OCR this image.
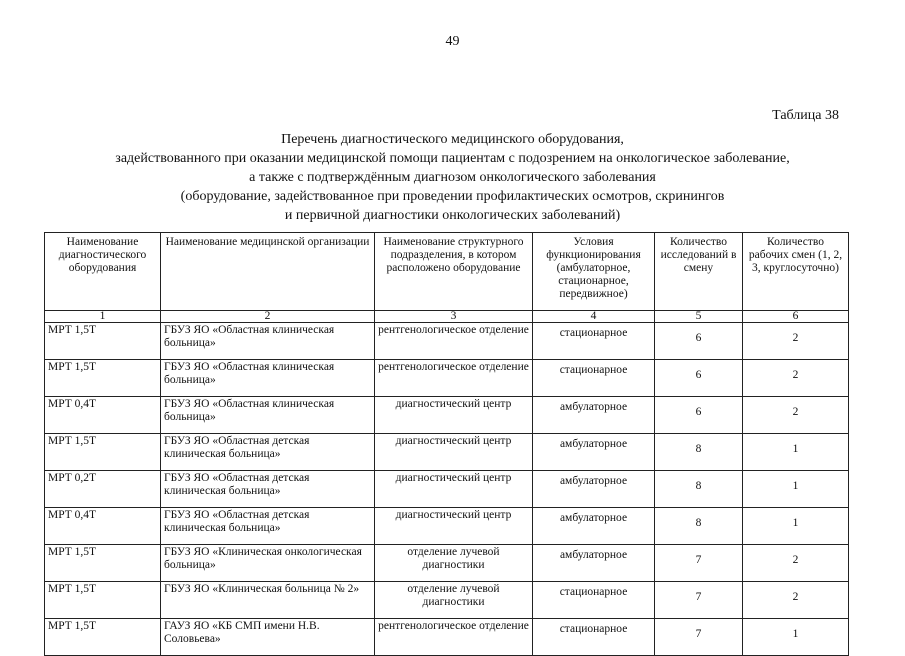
49
Таблица 38
Перечень диагностического медицинского оборудования,
задействованного при оказании медицинской помощи пациентам с подозрением на онкологическое заболевание,
а также с подтверждённым диагнозом онкологического заболевания
(оборудование, задействованное при проведении профилактических осмотров, скринингов
и первичной диагностики онкологических заболеваний)
Наименование диагностического оборудования	Наименование медицинской организации	Наименование структурного подразделения, в котором расположено оборудование	Условия функционирования (амбулаторное, стационарное, передвижное)	Количество исследований в смену	Количество рабочих смен (1, 2, 3, круглосуточно)
1	2	3	4	5	6
МРТ 1,5Т	ГБУЗ ЯО «Областная клиническая больница»	рентгенологическое отделение	стационарное	6	2
МРТ 1,5Т	ГБУЗ ЯО «Областная клиническая больница»	рентгенологическое отделение	стационарное	6	2
МРТ 0,4Т	ГБУЗ ЯО «Областная клиническая больница»	диагностический центр	амбулаторное	6	2
МРТ 1,5Т	ГБУЗ ЯО «Областная детская клиническая больница»	диагностический центр	амбулаторное	8	1
МРТ 0,2Т	ГБУЗ ЯО «Областная детская клиническая больница»	диагностический центр	амбулаторное	8	1
МРТ 0,4Т	ГБУЗ ЯО «Областная детская клиническая больница»	диагностический центр	амбулаторное	8	1
МРТ 1,5Т	ГБУЗ ЯО «Клиническая онкологическая больница»	отделение лучевой диагностики	амбулаторное	7	2
МРТ 1,5Т	ГБУЗ ЯО «Клиническая больница № 2»	отделение лучевой диагностики	стационарное	7	2
МРТ 1,5Т	ГАУЗ ЯО «КБ СМП имени Н.В. Соловьева»	рентгенологическое отделение	стационарное	7	1
